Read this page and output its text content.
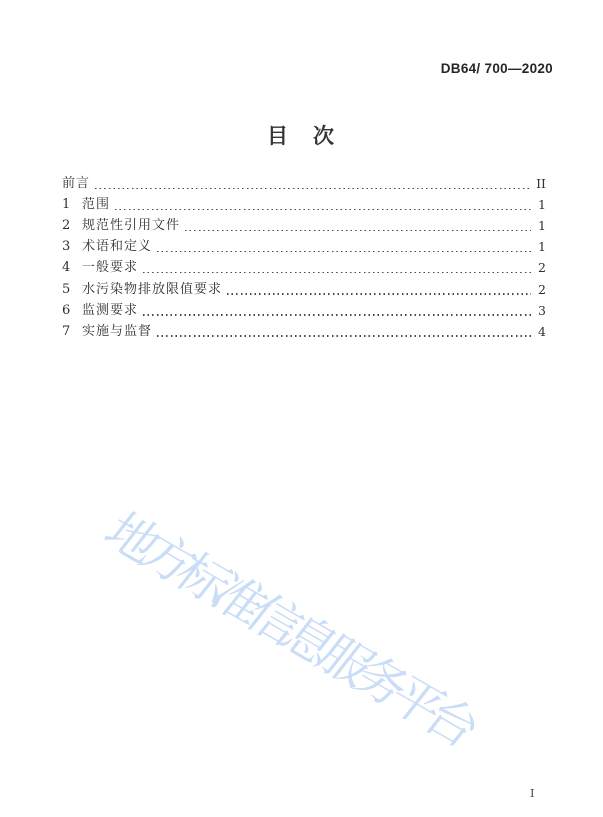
DB64/ 700—2020
目　次
前言	II
1 范围	1
2 规范性引用文件	1
3 术语和定义	1
4 一般要求	2
5 水污染物排放限值要求	2
6 监测要求	3
7 实施与监督	4
地方标准信息服务平台
I
